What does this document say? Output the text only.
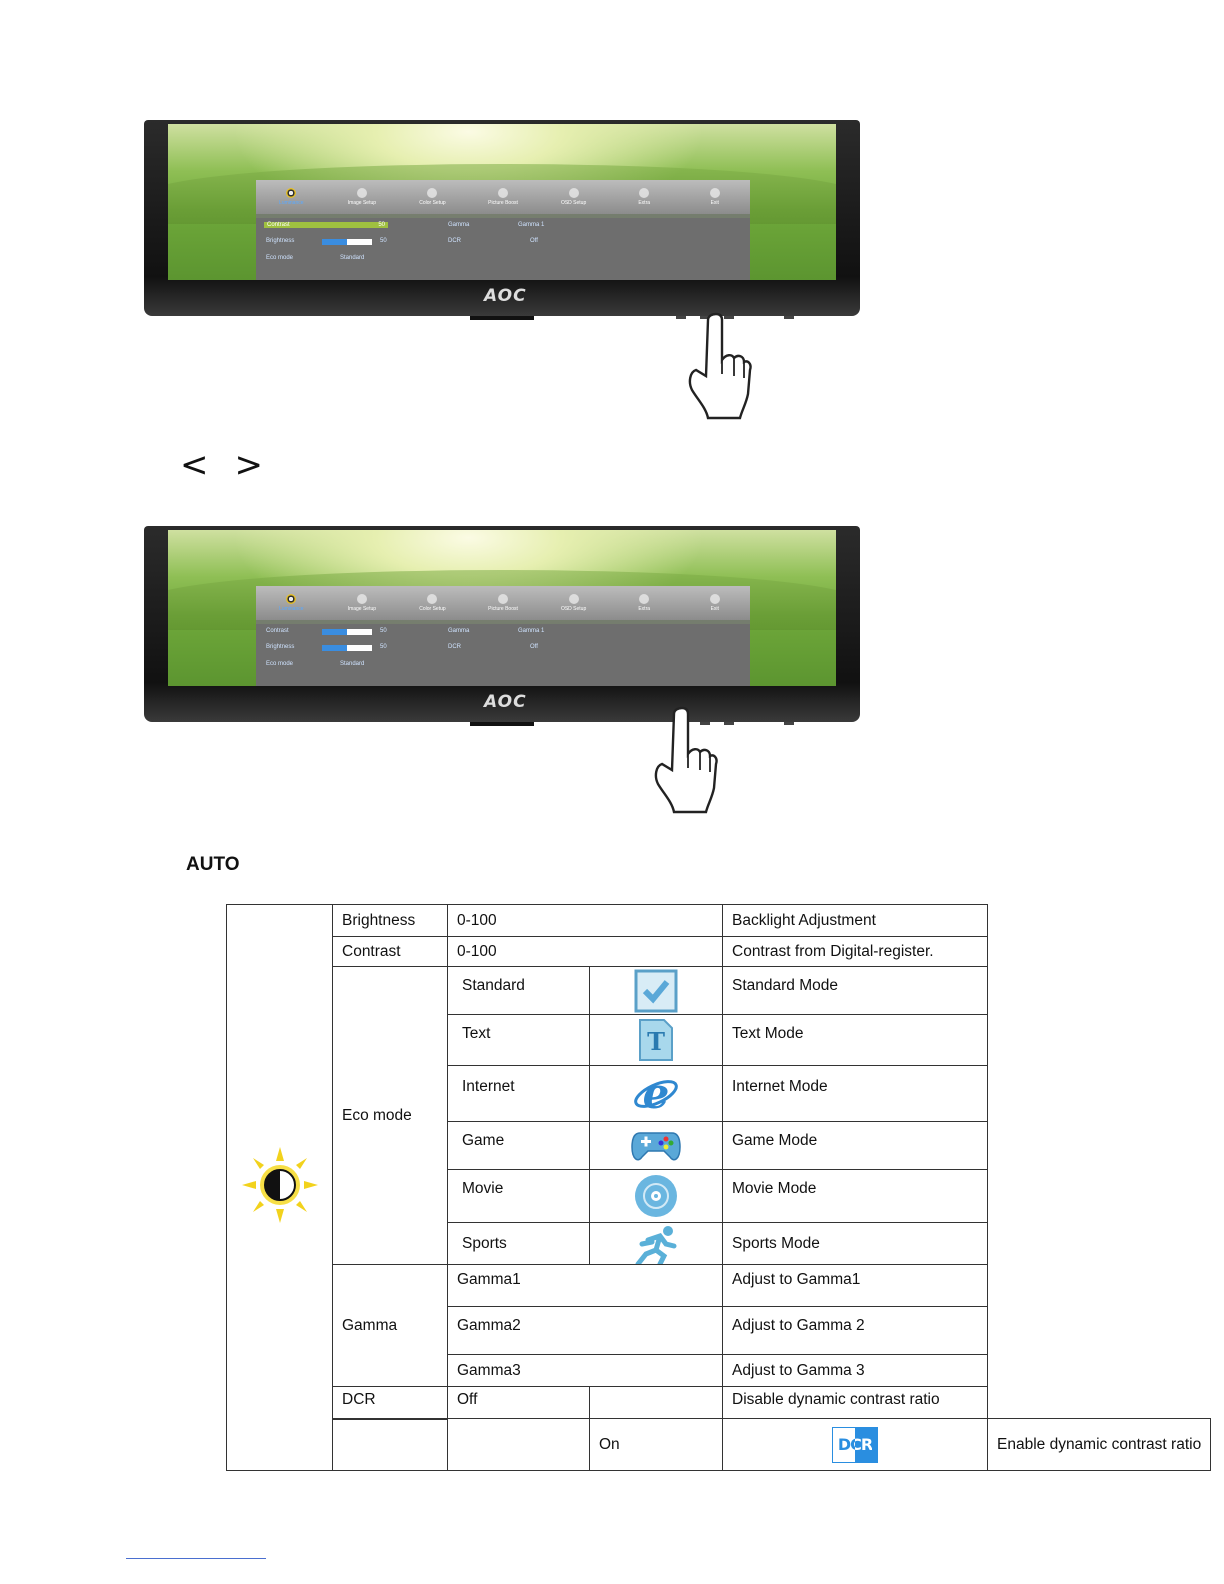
Luminance	Image Setup	Color Setup	Picture Boost	OSD Setup	Extra	Exit
Contrast	50
Brightness	50
Eco mode	Standard
Gamma	Gamma 1
DCR	Off
AOC
< >
Luminance	Image Setup	Color Setup	Picture Boost	OSD Setup	Extra	Exit
Contrast	50
Brightness	50
Eco mode	Standard
Gamma	Gamma 1
DCR	Off
AOC
AUTO
	Brightness	0-100		Backlight Adjustment	
	Contrast	0-100		Contrast from Digital-register.	
	Eco mode	Standard		Standard Mode	
		Text	T	Text Mode	
		Internet	e	Internet Mode	
		Game		Game Mode	
		Movie		Movie Mode	
		Sports		Sports Mode	
	Gamma	Gamma1		Adjust to Gamma1	
		Gamma2		Adjust to Gamma 2	
		Gamma3		Adjust to Gamma 3	
	DCR	Off		Disable dynamic contrast ratio	
			On	DCR	Enable dynamic contrast ratio
